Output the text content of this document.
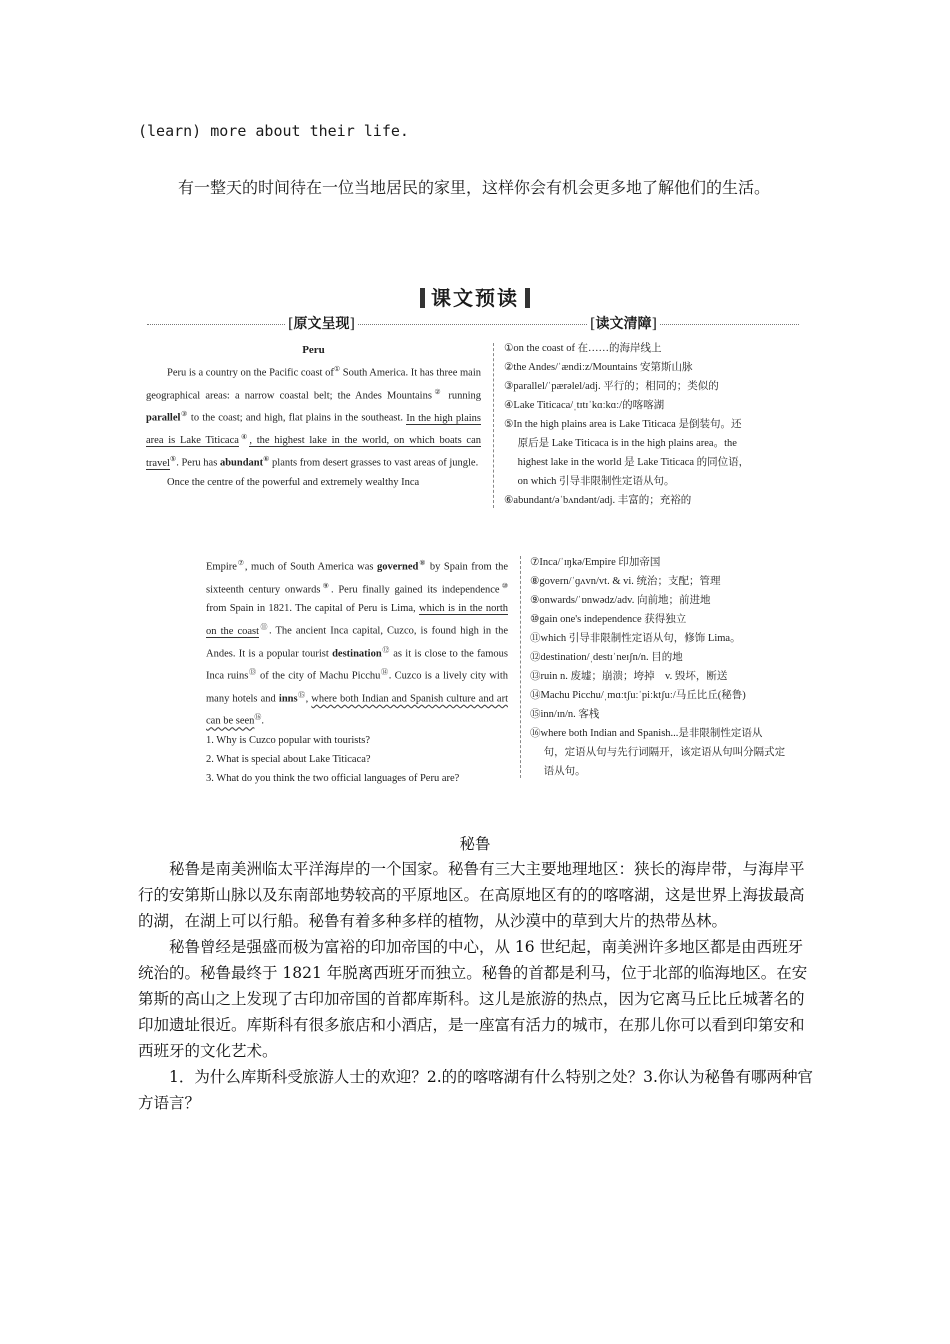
(learn) more about their life.
有一整天的时间待在一位当地居民的家里，这样你会有机会更多地了解他们的生活。
课文预读
[原文呈现]	[读文清障]

Peru

Peru is a country on the Pacific coast of① South America. It has three main geographical areas: a narrow coastal belt; the Andes Mountains② running parallel③ to the coast; and high, flat plains in the southeast. In the high plains area is Lake Titicaca④, the highest lake in the world, on which boats can travel⑤. Peru has abundant⑥ plants from desert grasses to vast areas of jungle.

Once the centre of the powerful and extremely wealthy Inca

①on the coast of 在……的海岸线上

②the Andes/ˈændiːz/Mountains 安第斯山脉

③parallel/ˈpærəlel/adj. 平行的；相同的；类似的

④Lake Titicaca/ˌtɪtɪˈkɑːkɑː/的喀喀湖

⑤In the high plains area is Lake Titicaca 是倒装句。还

原后是 Lake Titicaca is in the high plains area。the

highest lake in the world 是 Lake Titicaca 的同位语，

on which 引导非限制性定语从句。

⑥abundant/əˈbʌndənt/adj. 丰富的；充裕的

Empire⑦, much of South America was governed⑧ by Spain from the sixteenth century onwards⑨. Peru finally gained its independence⑩ from Spain in 1821. The capital of Peru is Lima, which is in the north on the coast⑪. The ancient Inca capital, Cuzco, is found high in the Andes. It is a popular tourist destination⑫ as it is close to the famous Inca ruins⑬ of the city of Machu Picchu⑭. Cuzco is a lively city with many hotels and inns⑮, where both Indian and Spanish culture and art can be seen⑯.

1. Why is Cuzco popular with tourists?

2. What is special about Lake Titicaca?

3. What do you think the two official languages of Peru are?

⑦Inca/ˈɪŋkə/Empire 印加帝国

⑧govern/ˈɡʌvn/vt. & vi. 统治；支配；管理

⑨onwards/ˈɒnwədz/adv. 向前地；前进地

⑩gain one's independence 获得独立

⑪which 引导非限制性定语从句，修饰 Lima。

⑫destination/ˌdestɪˈneɪʃn/n. 目的地

⑬ruin n. 废墟；崩溃；垮掉　v. 毁坏，断送

⑭Machu Picchu/ˌmɑːtʃuːˈpiːktʃuː/马丘比丘(秘鲁)

⑮inn/ɪn/n. 客栈

⑯where both Indian and Spanish...是非限制性定语从

句，定语从句与先行词隔开，该定语从句叫分隔式定

语从句。

秘鲁

秘鲁是南美洲临太平洋海岸的一个国家。秘鲁有三大主要地理地区：狭长的海岸带，与海岸平行的安第斯山脉以及东南部地势较高的平原地区。在高原地区有的的喀喀湖，这是世界上海拔最高的湖，在湖上可以行船。秘鲁有着多种多样的植物，从沙漠中的草到大片的热带丛林。

秘鲁曾经是强盛而极为富裕的印加帝国的中心，从 16 世纪起，南美洲许多地区都是由西班牙统治的。秘鲁最终于 1821 年脱离西班牙而独立。秘鲁的首都是利马，位于北部的临海地区。在安第斯的高山之上发现了古印加帝国的首都库斯科。这儿是旅游的热点，因为它离马丘比丘城著名的印加遗址很近。库斯科有很多旅店和小酒店，是一座富有活力的城市，在那儿你可以看到印第安和西班牙的文化艺术。

1．为什么库斯科受旅游人士的欢迎？2.的的喀喀湖有什么特别之处？3.你认为秘鲁有哪两种官方语言？
